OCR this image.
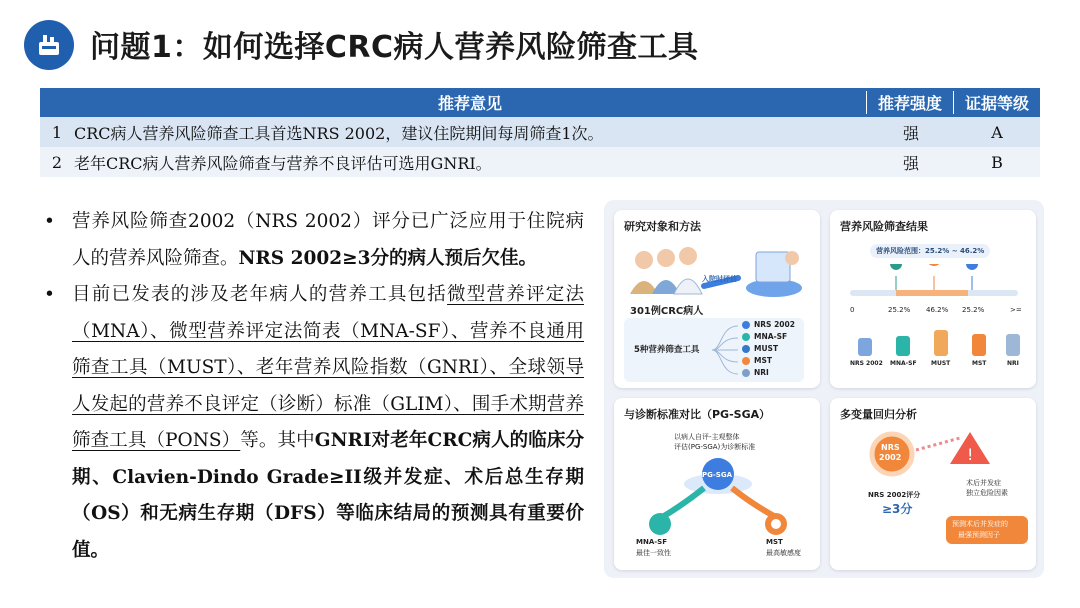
问题1：如何选择CRC病人营养风险筛查工具
推荐意见	推荐强度	证据等级
1 CRC病人营养风险筛查工具首选NRS 2002，建议住院期间每周筛查1次。	强	A
2 老年CRC病人营养风险筛查与营养不良评估可选用GNRI。	强	B
• 营养风险筛查2002（NRS 2002）评分已广泛应用于住院病人的营养风险筛查。NRS 2002≥3分的病人预后欠佳。
• 目前已发表的涉及老年病人的营养工具包括微型营养评定法（MNA）、微型营养评定法简表（MNA-SF）、营养不良通用筛查工具（MUST）、老年营养风险指数（GNRI）、全球领导人发起的营养不良评定（诊断）标准（GLIM）、围手术期营养筛查工具（PONS）等。其中GNRI对老年CRC病人的临床分期、Clavien-Dindo Grade≥II级并发症、术后总生存期（OS）和无病生存期（DFS）等临床结局的预测具有重要价值。
研究对象和方法
入院时评估
301例CRC病人
5种营养筛查工具
NRS 2002
MNA-SF
MUST
MST
NRI
营养风险筛查结果
营养风险范围：25.2% ~ 46.2%
0	25.2% 46.2% 25.2%	>=
NRS 2002 MNA-SF MUST	MST	NRI
与诊断标准对比（PG-SGA）
以病人自评-主观整体
评估(PG-SGA)为诊断标准
PG-SGA
MNA-SF
最佳一致性
MST
最高敏感度
多变量回归分析
!
NRS
2002
NRS 2002评分
≥3分
术后并发症
独立危险因素
预测术后并发症的
最强预测因子
